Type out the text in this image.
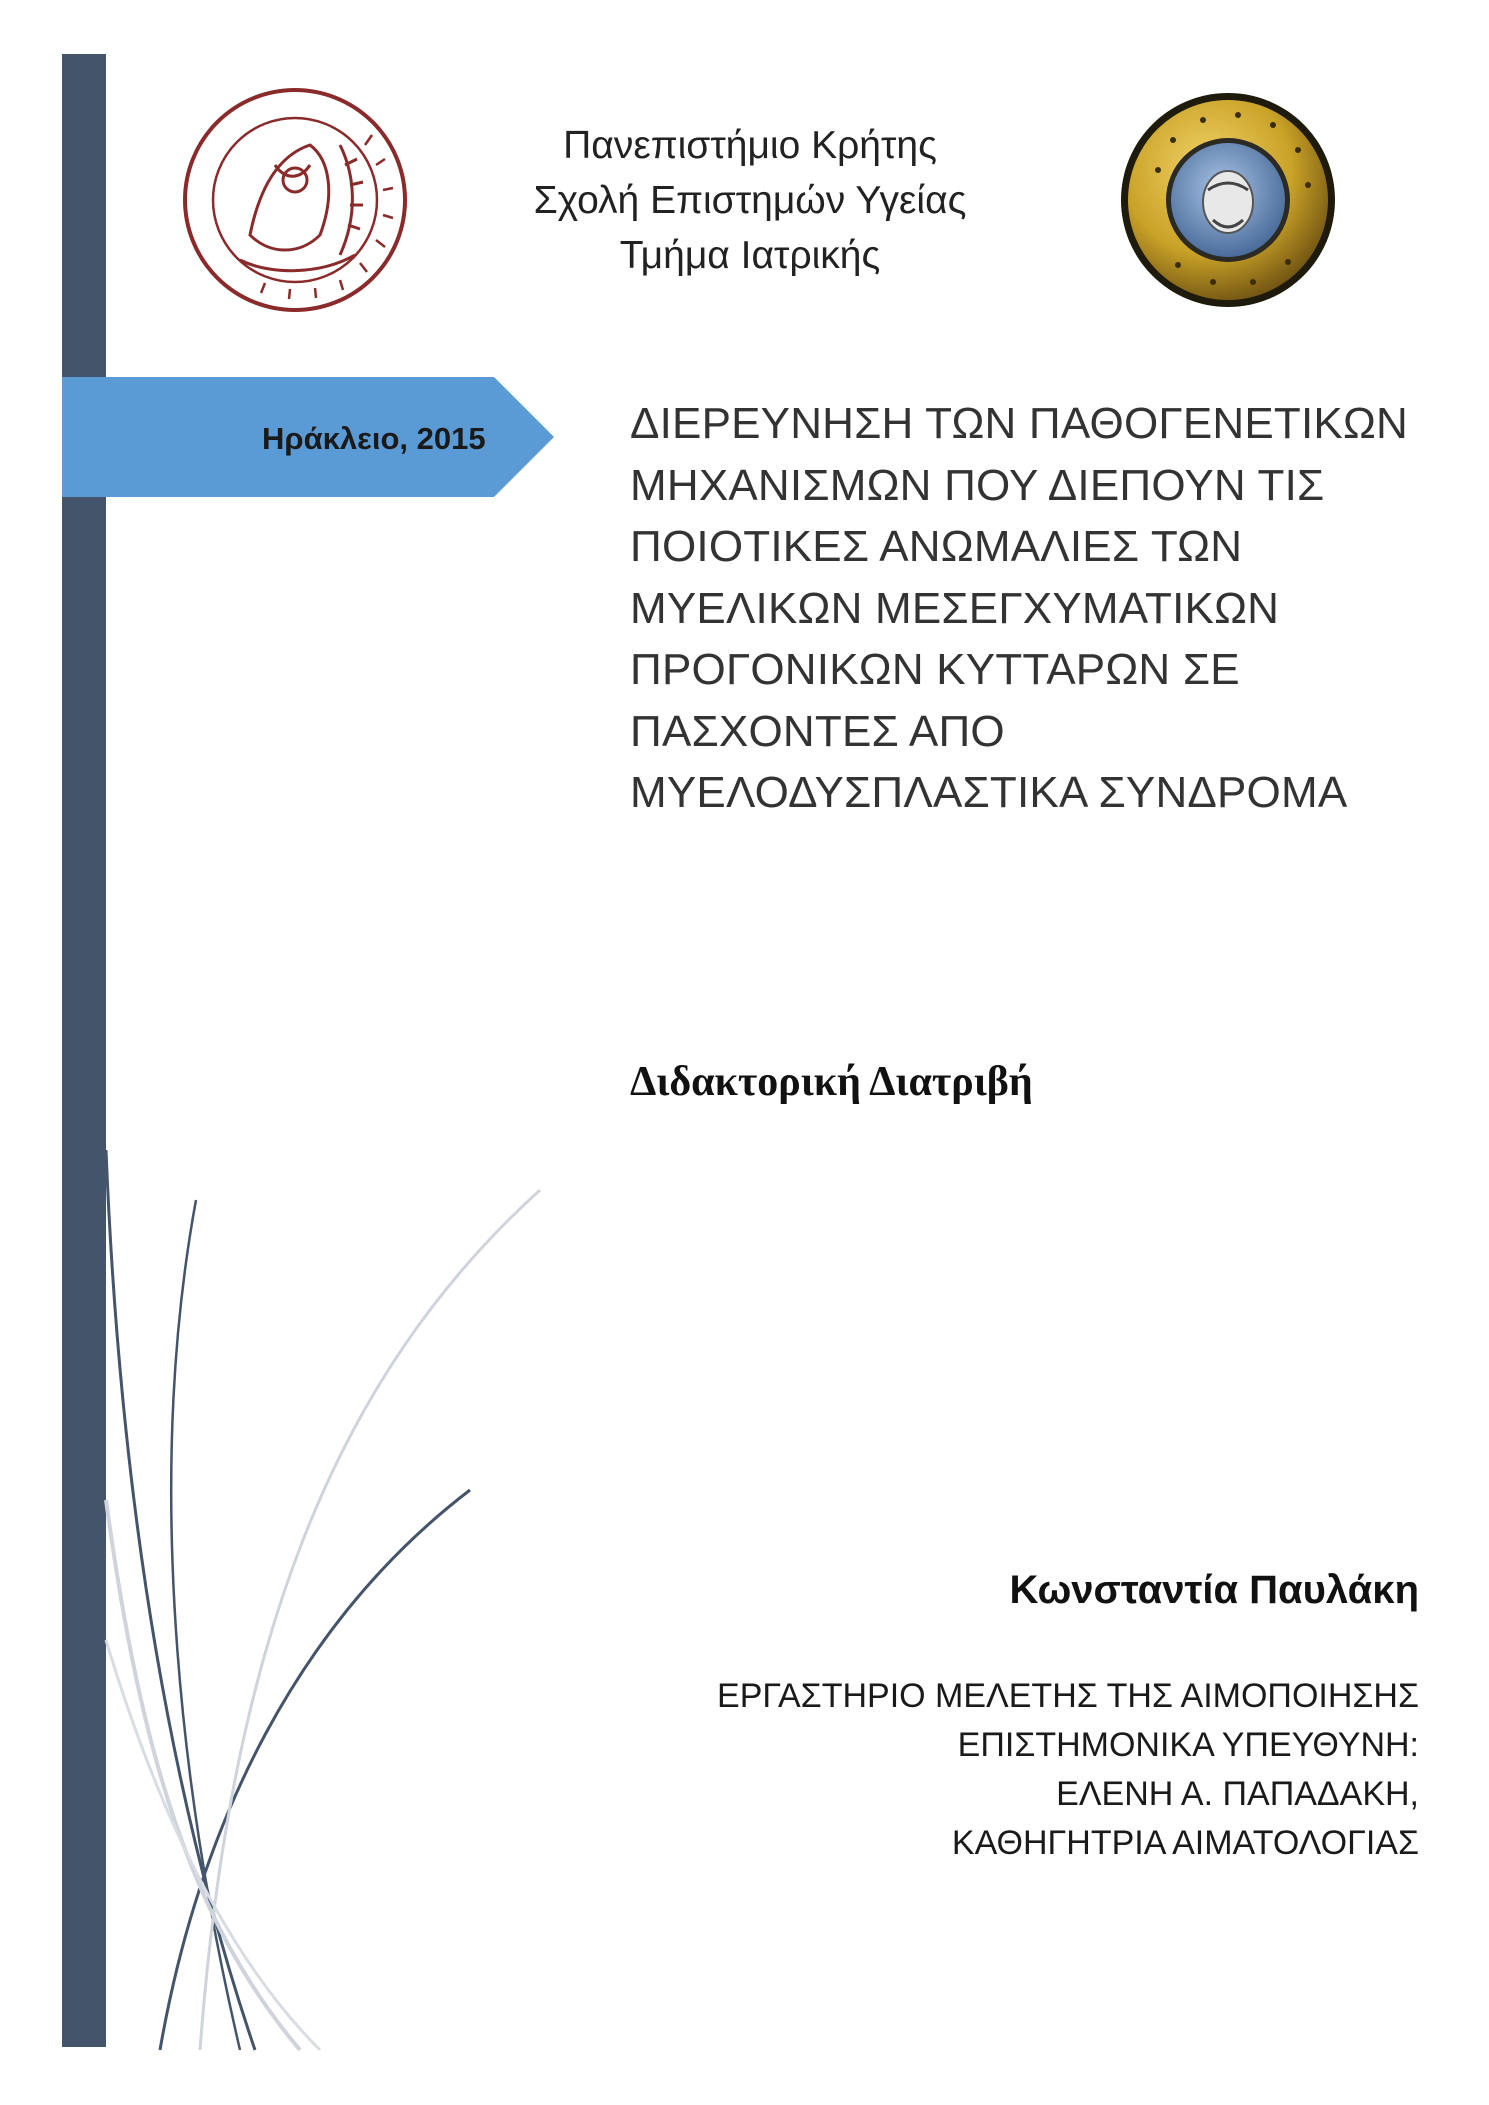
Πανεπιστήμιο Κρήτης
Σχολή Επιστημών Υγείας
Τμήμα Ιατρικής
Ηράκλειο, 2015	ΔΙΕΡΕΥΝΗΣΗ ΤΩΝ ΠΑΘΟΓΕΝΕΤΙΚΩΝ
ΜΗΧΑΝΙΣΜΩΝ ΠΟΥ ΔΙΕΠΟΥΝ ΤΙΣ
ΠΟΙΟΤΙΚΕΣ ΑΝΩΜΑΛΙΕΣ ΤΩΝ
ΜΥΕΛΙΚΩΝ ΜΕΣΕΓΧΥΜΑΤΙΚΩΝ
ΠΡΟΓΟΝΙΚΩΝ ΚΥΤΤΑΡΩΝ ΣΕ
ΠΑΣΧΟΝΤΕΣ ΑΠΟ
ΜΥΕΛΟΔΥΣΠΛΑΣΤΙΚΑ ΣΥΝΔΡΟΜΑ
Διδακτορική Διατριβή
Κωνσταντία Παυλάκη
ΕΡΓΑΣΤΗΡΙΟ ΜΕΛΕΤΗΣ ΤΗΣ ΑΙΜΟΠΟΙΗΣΗΣ
ΕΠΙΣΤΗΜΟΝΙΚΑ ΥΠΕΥΘΥΝΗ:
ΕΛΕΝΗ Α. ΠΑΠΑΔΑΚΗ,
ΚΑΘΗΓΗΤΡΙΑ ΑΙΜΑΤΟΛΟΓΙΑΣ
